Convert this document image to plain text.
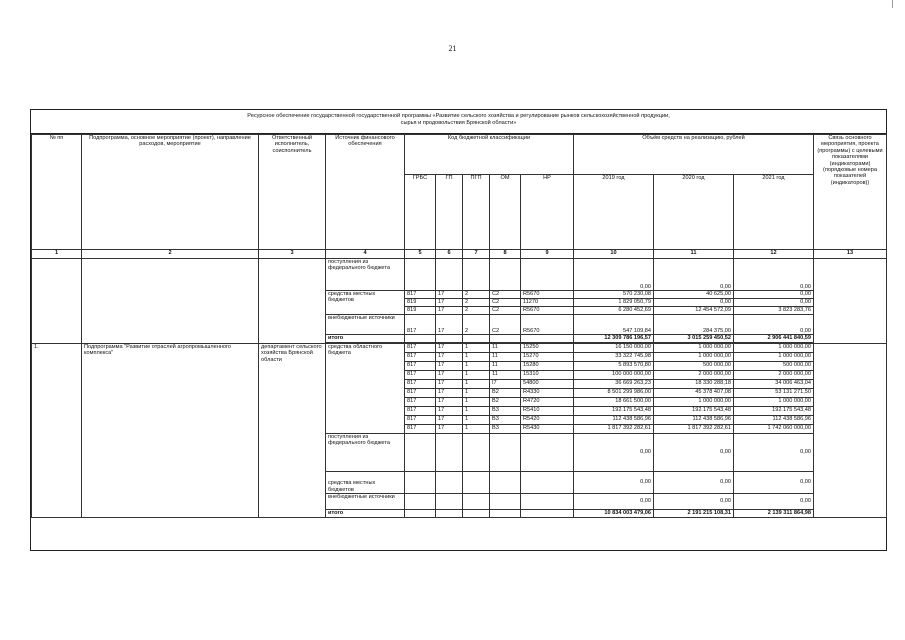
21
Ресурсное обеспечение государственной государственной программы «Развитие сельского хозяйства и регулирование рынков сельскохозяйственной продукции,
сырья и продовольствия Брянской области»
№ пп	Подпрограмма, основное мероприятие (проект), направление расходов, мероприятие	Ответственный исполнитель, соисполнитель	Источник финансового обеспечения	Код бюджетной классификации					Объём средств на реализацию, рублей			Связь основного мероприятия, проекта (программы) с целевыми показателями (индикаторами) (порядковые номера показателей (индикаторов))
				ГРБС	ГП	ПГП	ОМ	НР	2019 год	2020 год	2021 год	
1	2	3	4	5	6	7	8	9	10	11	12	13
			поступления из федерального бюджета						0,00	0,00	0,00	
			средства местных бюджетов	817	17	2	С2	R5670	570 230,08	40 625,00	0,00	
				819	17	2	С2	11270	1 829 050,79	0,00	0,00	
				819	17	2	С2	R5670	6 280 452,69	12 454 572,09	3 823 283,76	
			внебюджетные источники	817	17	2	С2	R5670	547 109,84	284 375,00	0,00	
			итого						12 309 786 196,57	3 015 259 450,52	2 906 441 840,59	

1.	Подпрограмма "Развитие отраслей агропромышленного комплекса"	департамент сельского хозяйства Брянской области	средства областного бюджета	817	17	1	11	15250	16 150 000,00	1 000 000,00	1 000 000,00	
				817	17	1	11	15270	33 322 745,98	1 000 000,00	1 000 000,00	
				817	17	1	11	15280	5 893 570,80	500 000,00	500 000,00	
				817	17	1	11	15310	100 000 000,00	2 000 000,00	2 000 000,00	
				817	17	1	I7	54800	36 669 263,23	18 330 288,18	34 006 463,04	
				817	17	1	B2	R4330	8 501 299 986,00	45 378 407,08	53 131 271,50	
				817	17	1	B2	R4720	18 661 500,00	1 000 000,00	1 000 000,00	
				817	17	1	B3	R5410	192 175 543,48	192 175 543,48	192 175 543,48	
				817	17	1	B3	R5420	112 438 586,96	112 438 586,96	112 438 586,96	
				817	17	1	B3	R5430	1 817 392 282,61	1 817 392 282,61	1 742 060 000,00	
			поступления из федерального бюджета						0,00	0,00	0,00	
			средства местных бюджетов						0,00	0,00	0,00	
			внебюджетные источники						0,00	0,00	0,00	
			итого						10 834 003 479,06	2 191 215 108,31	2 139 311 864,98	
